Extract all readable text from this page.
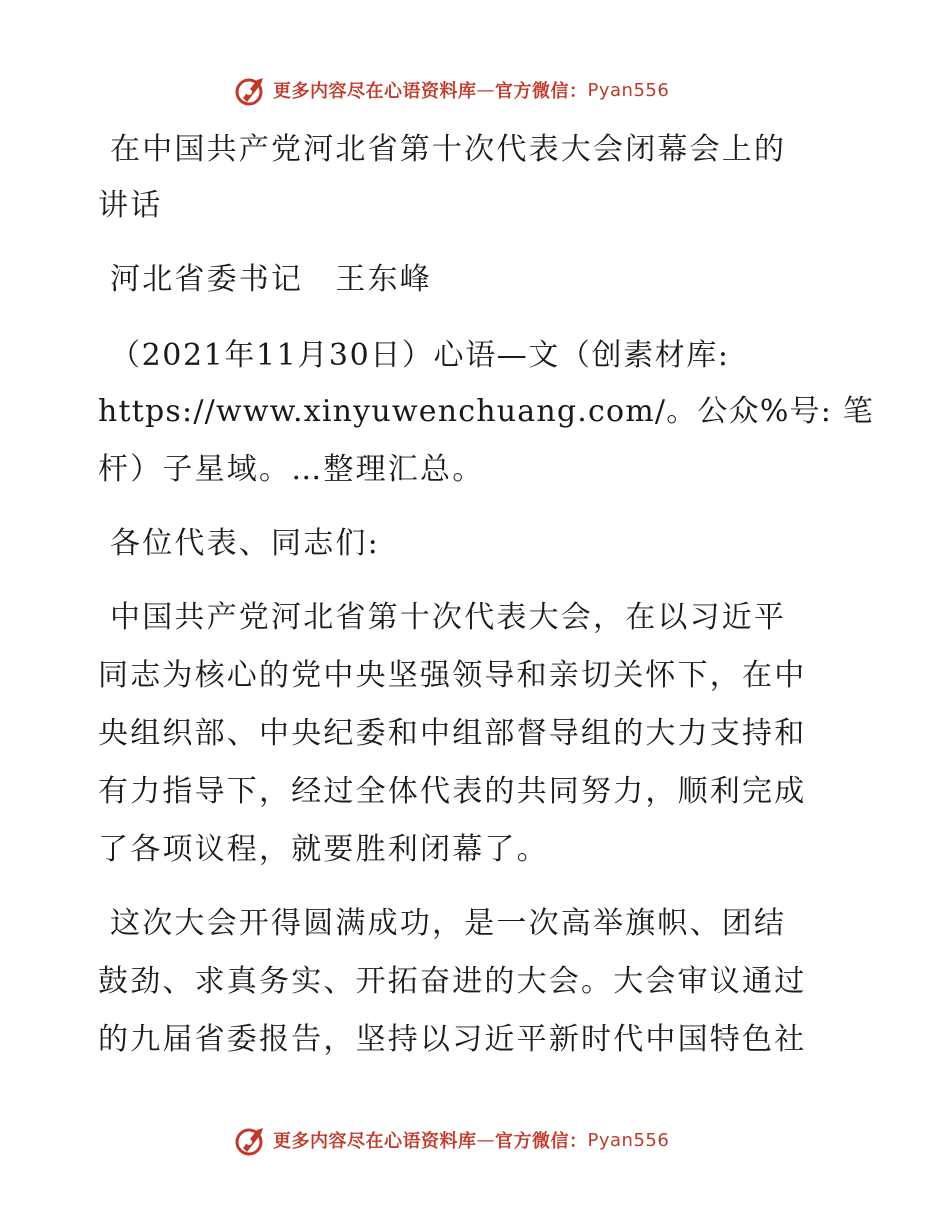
更多内容尽在心语资料库 — 官方微信： Pyan556

在中国共产党河北省第十次代表大会闭幕会上的

讲话

河北省委书记　王东峰

（2021年11月30日）心语—文（创素材库:

https://www.xinyuwenchuang.com/。公众%号: 笔

杆）子星域。…整理汇总。

各位代表、同志们:

中国共产党河北省第十次代表大会，在以习近平

同志为核心的党中央坚强领导和亲切关怀下，在中

央组织部、中央纪委和中组部督导组的大力支持和

有力指导下，经过全体代表的共同努力，顺利完成

了各项议程，就要胜利闭幕了。

这次大会开得圆满成功，是一次高举旗帜、团结

鼓劲、求真务实、开拓奋进的大会。大会审议通过

的九届省委报告，坚持以习近平新时代中国特色社

更多内容尽在心语资料库 — 官方微信： Pyan556
